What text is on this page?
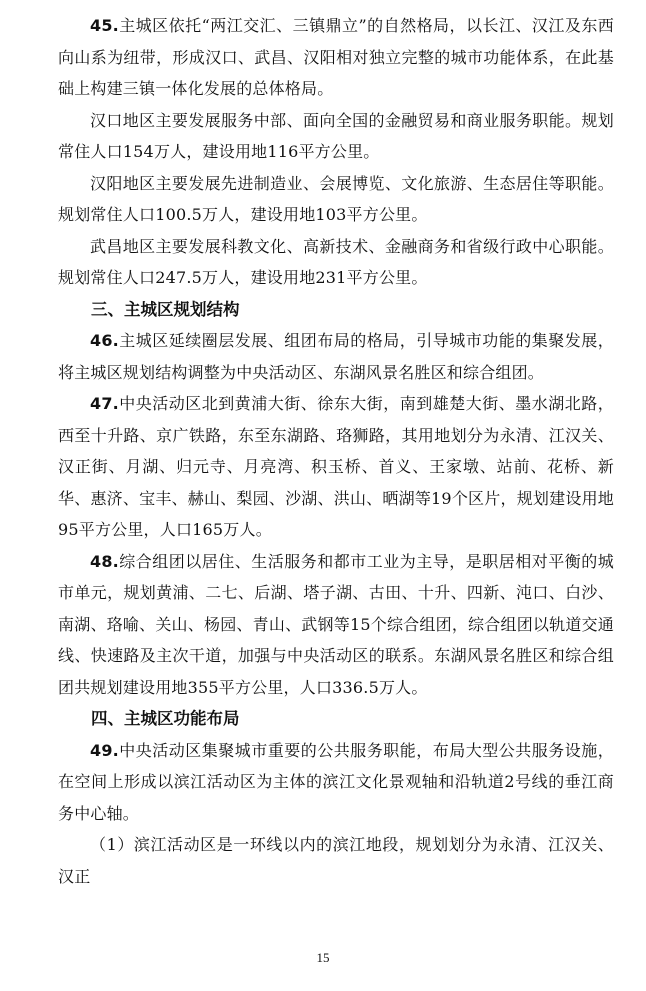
45.主城区依托“两江交汇、三镇鼎立”的自然格局，以长江、汉江及东西向山系为纽带，形成汉口、武昌、汉阳相对独立完整的城市功能体系，在此基础上构建三镇一体化发展的总体格局。

汉口地区主要发展服务中部、面向全国的金融贸易和商业服务职能。规划常住人口154万人，建设用地116平方公里。

汉阳地区主要发展先进制造业、会展博览、文化旅游、生态居住等职能。规划常住人口100.5万人，建设用地103平方公里。

武昌地区主要发展科教文化、高新技术、金融商务和省级行政中心职能。规划常住人口247.5万人，建设用地231平方公里。

三、主城区规划结构

46.主城区延续圈层发展、组团布局的格局，引导城市功能的集聚发展，将主城区规划结构调整为中央活动区、东湖风景名胜区和综合组团。

47.中央活动区北到黄浦大街、徐东大街，南到雄楚大街、墨水湖北路，西至十升路、京广铁路，东至东湖路、珞狮路，其用地划分为永清、江汉关、汉正街、月湖、归元寺、月亮湾、积玉桥、首义、王家墩、站前、花桥、新华、惠济、宝丰、赫山、梨园、沙湖、洪山、晒湖等19个区片，规划建设用地95平方公里，人口165万人。

48.综合组团以居住、生活服务和都市工业为主导，是职居相对平衡的城市单元，规划黄浦、二七、后湖、塔子湖、古田、十升、四新、沌口、白沙、南湖、珞喻、关山、杨园、青山、武钢等15个综合组团，综合组团以轨道交通线、快速路及主次干道，加强与中央活动区的联系。东湖风景名胜区和综合组团共规划建设用地355平方公里，人口336.5万人。

四、主城区功能布局

49.中央活动区集聚城市重要的公共服务职能，布局大型公共服务设施，在空间上形成以滨江活动区为主体的滨江文化景观轴和沿轨道2号线的垂江商务中心轴。

（1）滨江活动区是一环线以内的滨江地段，规划划分为永清、江汉关、汉正

15
